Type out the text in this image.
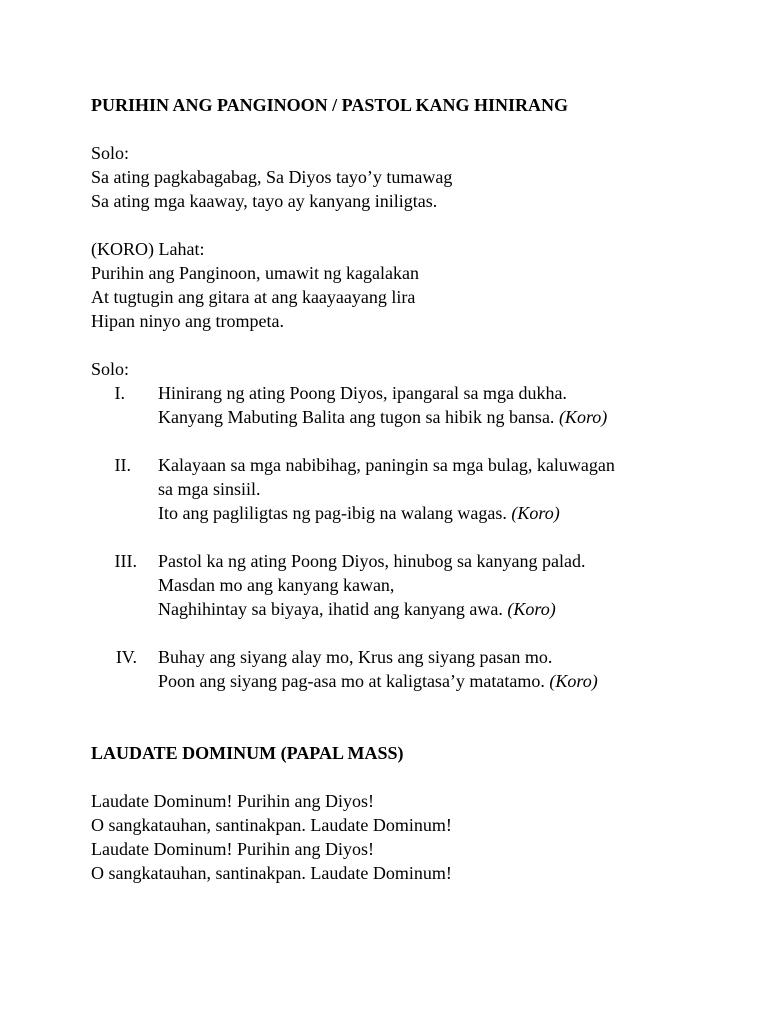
PURIHIN ANG PANGINOON / PASTOL KANG HINIRANG
Solo:
Sa ating pagkabagabag, Sa Diyos tayo’y tumawag
Sa ating mga kaaway, tayo ay kanyang iniligtas.
(KORO) Lahat:
Purihin ang Panginoon, umawit ng kagalakan
At tugtugin ang gitara at ang kaayaayang lira
Hipan ninyo ang trompeta.
Solo:
I. Hinirang ng ating Poong Diyos, ipangaral sa mga dukha.
Kanyang Mabuting Balita ang tugon sa hibik ng bansa. (Koro)
II. Kalayaan sa mga nabibihag, paningin sa mga bulag, kaluwagan
sa mga sinsiil.
Ito ang pagliligtas ng pag-ibig na walang wagas. (Koro)
III. Pastol ka ng ating Poong Diyos, hinubog sa kanyang palad.
Masdan mo ang kanyang kawan,
Naghihintay sa biyaya, ihatid ang kanyang awa. (Koro)
IV. Buhay ang siyang alay mo, Krus ang siyang pasan mo.
Poon ang siyang pag-asa mo at kaligtasa’y matatamo. (Koro)
LAUDATE DOMINUM (PAPAL MASS)
Laudate Dominum! Purihin ang Diyos!
O sangkatauhan, santinakpan. Laudate Dominum!
Laudate Dominum! Purihin ang Diyos!
O sangkatauhan, santinakpan. Laudate Dominum!
